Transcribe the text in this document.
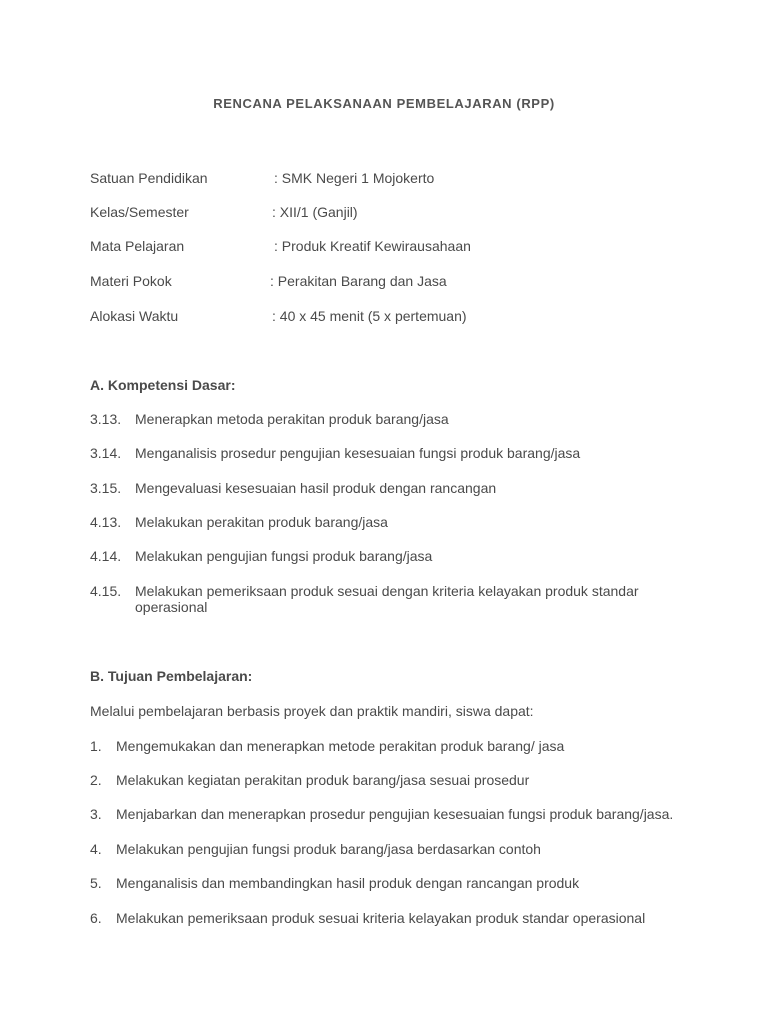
RENCANA PELAKSANAAN PEMBELAJARAN (RPP)
Satuan Pendidikan	: SMK Negeri 1 Mojokerto
Kelas/Semester	: XII/1 (Ganjil)
Mata Pelajaran	: Produk Kreatif Kewirausahaan
Materi Pokok	: Perakitan Barang dan Jasa
Alokasi Waktu	: 40 x 45 menit (5 x pertemuan)
A. Kompetensi Dasar:
3.13. Menerapkan metoda perakitan produk barang/jasa
3.14. Menganalisis prosedur pengujian kesesuaian fungsi produk barang/jasa
3.15. Mengevaluasi kesesuaian hasil produk dengan rancangan
4.13. Melakukan perakitan produk barang/jasa
4.14. Melakukan pengujian fungsi produk barang/jasa
4.15. Melakukan pemeriksaan produk sesuai dengan kriteria kelayakan produk standar operasional
B. Tujuan Pembelajaran:
Melalui pembelajaran berbasis proyek dan praktik mandiri, siswa dapat:
1. Mengemukakan dan menerapkan metode perakitan produk barang/ jasa
2. Melakukan kegiatan perakitan produk barang/jasa sesuai prosedur
3. Menjabarkan dan menerapkan prosedur pengujian kesesuaian fungsi produk barang/jasa.
4. Melakukan pengujian fungsi produk barang/jasa berdasarkan contoh
5. Menganalisis dan membandingkan hasil produk dengan rancangan produk
6. Melakukan pemeriksaan produk sesuai kriteria kelayakan produk standar operasional
